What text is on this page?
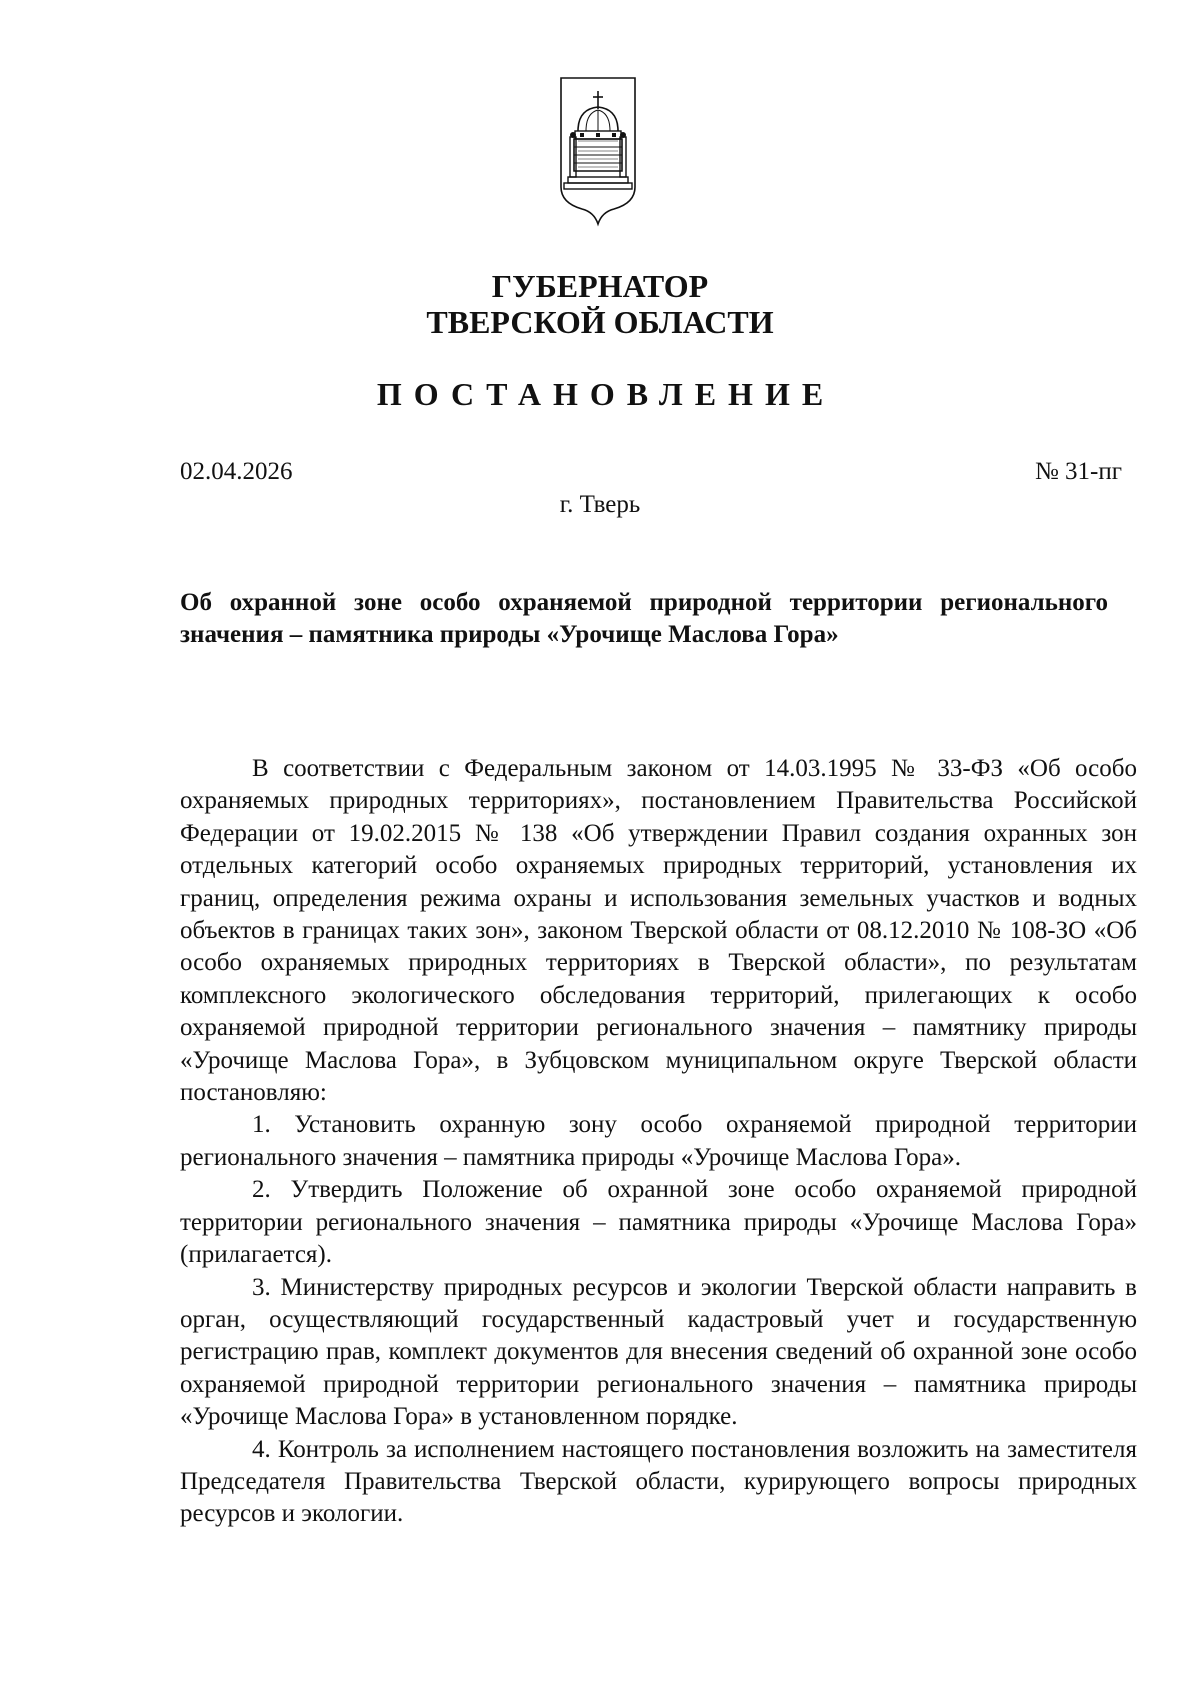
ГУБЕРНАТОР
ТВЕРСКОЙ ОБЛАСТИ
ПОСТАНОВЛЕНИЕ
02.04.2026	№ 31-пг
г. Тверь
Об охранной зоне особо охраняемой природной территории регионального значения – памятника природы «Урочище Маслова Гора»

В соответствии с Федеральным законом от 14.03.1995 № 33-ФЗ «Об особо охраняемых природных территориях», постановлением Правительства Российской Федерации от 19.02.2015 № 138 «Об утверждении Правил создания охранных зон отдельных категорий особо охраняемых природных территорий, установления их границ, определения режима охраны и использования земельных участков и водных объектов в границах таких зон», законом Тверской области от 08.12.2010 № 108-ЗО «Об особо охраняемых природных территориях в Тверской области», по результатам комплексного экологического обследования территорий, прилегающих к особо охраняемой природной территории регионального значения – памятнику природы «Урочище Маслова Гора», в Зубцовском муниципальном округе Тверской области постановляю:

1. Установить охранную зону особо охраняемой природной территории регионального значения – памятника природы «Урочище Маслова Гора».

2. Утвердить Положение об охранной зоне особо охраняемой природной территории регионального значения – памятника природы «Урочище Маслова Гора» (прилагается).

3. Министерству природных ресурсов и экологии Тверской области направить в орган, осуществляющий государственный кадастровый учет и государственную регистрацию прав, комплект документов для внесения сведений об охранной зоне особо охраняемой природной территории регионального значения – памятника природы «Урочище Маслова Гора» в установленном порядке.

4. Контроль за исполнением настоящего постановления возложить на заместителя Председателя Правительства Тверской области, курирующего вопросы природных ресурсов и экологии.
